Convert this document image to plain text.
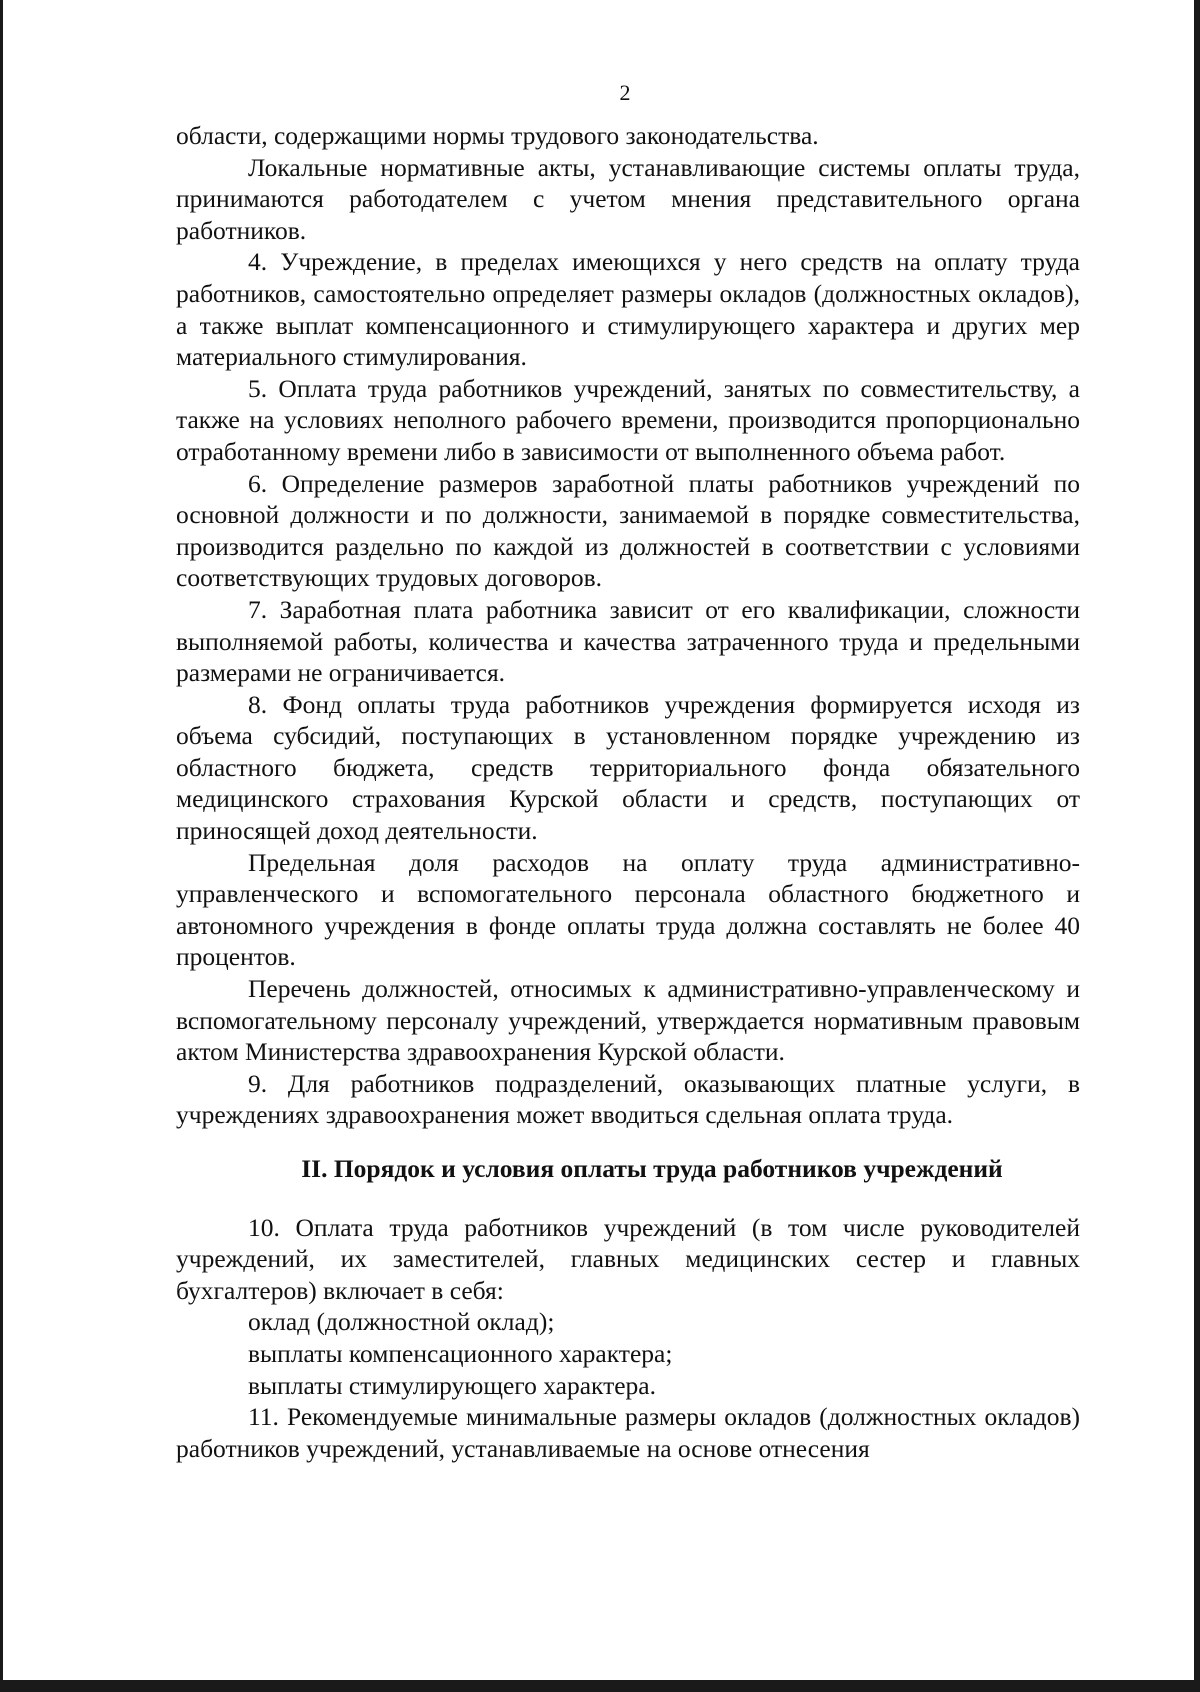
2

области, содержащими нормы трудового законодательства.

Локальные нормативные акты, устанавливающие системы оплаты труда, принимаются работодателем с учетом мнения представительного органа работников.

4. Учреждение, в пределах имеющихся у него средств на оплату труда работников, самостоятельно определяет размеры окладов (должностных окладов), а также выплат компенсационного и стимулирующего характера и других мер материального стимулирования.

5. Оплата труда работников учреждений, занятых по совместительству, а также на условиях неполного рабочего времени, производится пропорционально отработанному времени либо в зависимости от выполненного объема работ.

6. Определение размеров заработной платы работников учреждений по основной должности и по должности, занимаемой в порядке совместительства, производится раздельно по каждой из должностей в соответствии с условиями соответствующих трудовых договоров.

7. Заработная плата работника зависит от его квалификации, сложности выполняемой работы, количества и качества затраченного труда и предельными размерами не ограничивается.

8. Фонд оплаты труда работников учреждения формируется исходя из объема субсидий, поступающих в установленном порядке учреждению из областного бюджета, средств территориального фонда обязательного медицинского страхования Курской области и средств, поступающих от приносящей доход деятельности.

Предельная доля расходов на оплату труда административно-управленческого и вспомогательного персонала областного бюджетного и автономного учреждения в фонде оплаты труда должна составлять не более 40 процентов.

Перечень должностей, относимых к административно-управленческому и вспомогательному персоналу учреждений, утверждается нормативным правовым актом Министерства здравоохранения Курской области.

9. Для работников подразделений, оказывающих платные услуги, в учреждениях здравоохранения может вводиться сдельная оплата труда.

II. Порядок и условия оплаты труда работников учреждений

10. Оплата труда работников учреждений (в том числе руководителей учреждений, их заместителей, главных медицинских сестер и главных бухгалтеров) включает в себя:

оклад (должностной оклад);

выплаты компенсационного характера;

выплаты стимулирующего характера.

11. Рекомендуемые минимальные размеры окладов (должностных окладов) работников учреждений, устанавливаемые на основе отнесения
